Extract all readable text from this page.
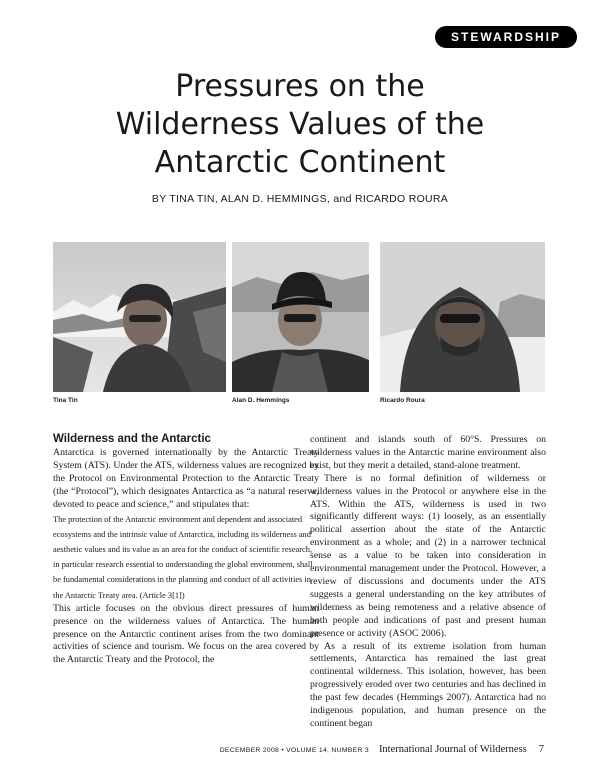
STEWARDSHIP
Pressures on the
Wilderness Values of the
Antarctic Continent
BY TINA TIN, ALAN D. HEMMINGS, and RICARDO ROURA
Tina Tin	Alan D. Hemmings	Ricardo Roura
Wilderness and the Antarctic

Antarctica is governed internationally by the Antarctic Treaty System (ATS). Under the ATS, wilderness values are recognized by the Protocol on Environmental Protection to the Antarctic Treaty (the “Protocol”), which designates Antarctica as “a natural reserve, devoted to peace and science,” and stipulates that:

The protection of the Antarctic environment and dependent and associated ecosystems and the intrinsic value of Antarctica, including its wilderness and aesthetic values and its value as an area for the conduct of scientific research, in particular research essential to understanding the global environment, shall be fundamental considerations in the planning and conduct of all activities in the Antarctic Treaty area. (Article 3[1])

This article focuses on the obvious direct pressures of human presence on the wilderness values of Antarctica. The human presence on the Antarctic continent arises from the two dominant activities of science and tourism. We focus on the area covered by the Antarctic Treaty and the Protocol, the

continent and islands south of 60°S. Pressures on wilderness values in the Antarctic marine environment also exist, but they merit a detailed, stand-alone treatment.

There is no formal definition of wilderness or wilderness values in the Protocol or anywhere else in the ATS. Within the ATS, wilderness is used in two significantly different ways: (1) loosely, as an essentially political assertion about the state of the Antarctic environment as a whole; and (2) in a narrower technical sense as a value to be taken into consideration in environmental management under the Protocol. However, a review of discussions and documents under the ATS suggests a general understanding on the key attributes of wilderness as being remoteness and a relative absence of both people and indications of past and present human presence or activity (ASOC 2006).

As a result of its extreme isolation from human settlements, Antarctica has remained the last great continental wilderness. This isolation, however, has been progressively eroded over two centuries and has declined in the past few decades (Hemmings 2007). Antarctica had no indigenous population, and human presence on the continent began

DECEMBER 2008 • VOLUME 14, NUMBER 3 International Journal of Wilderness 7
